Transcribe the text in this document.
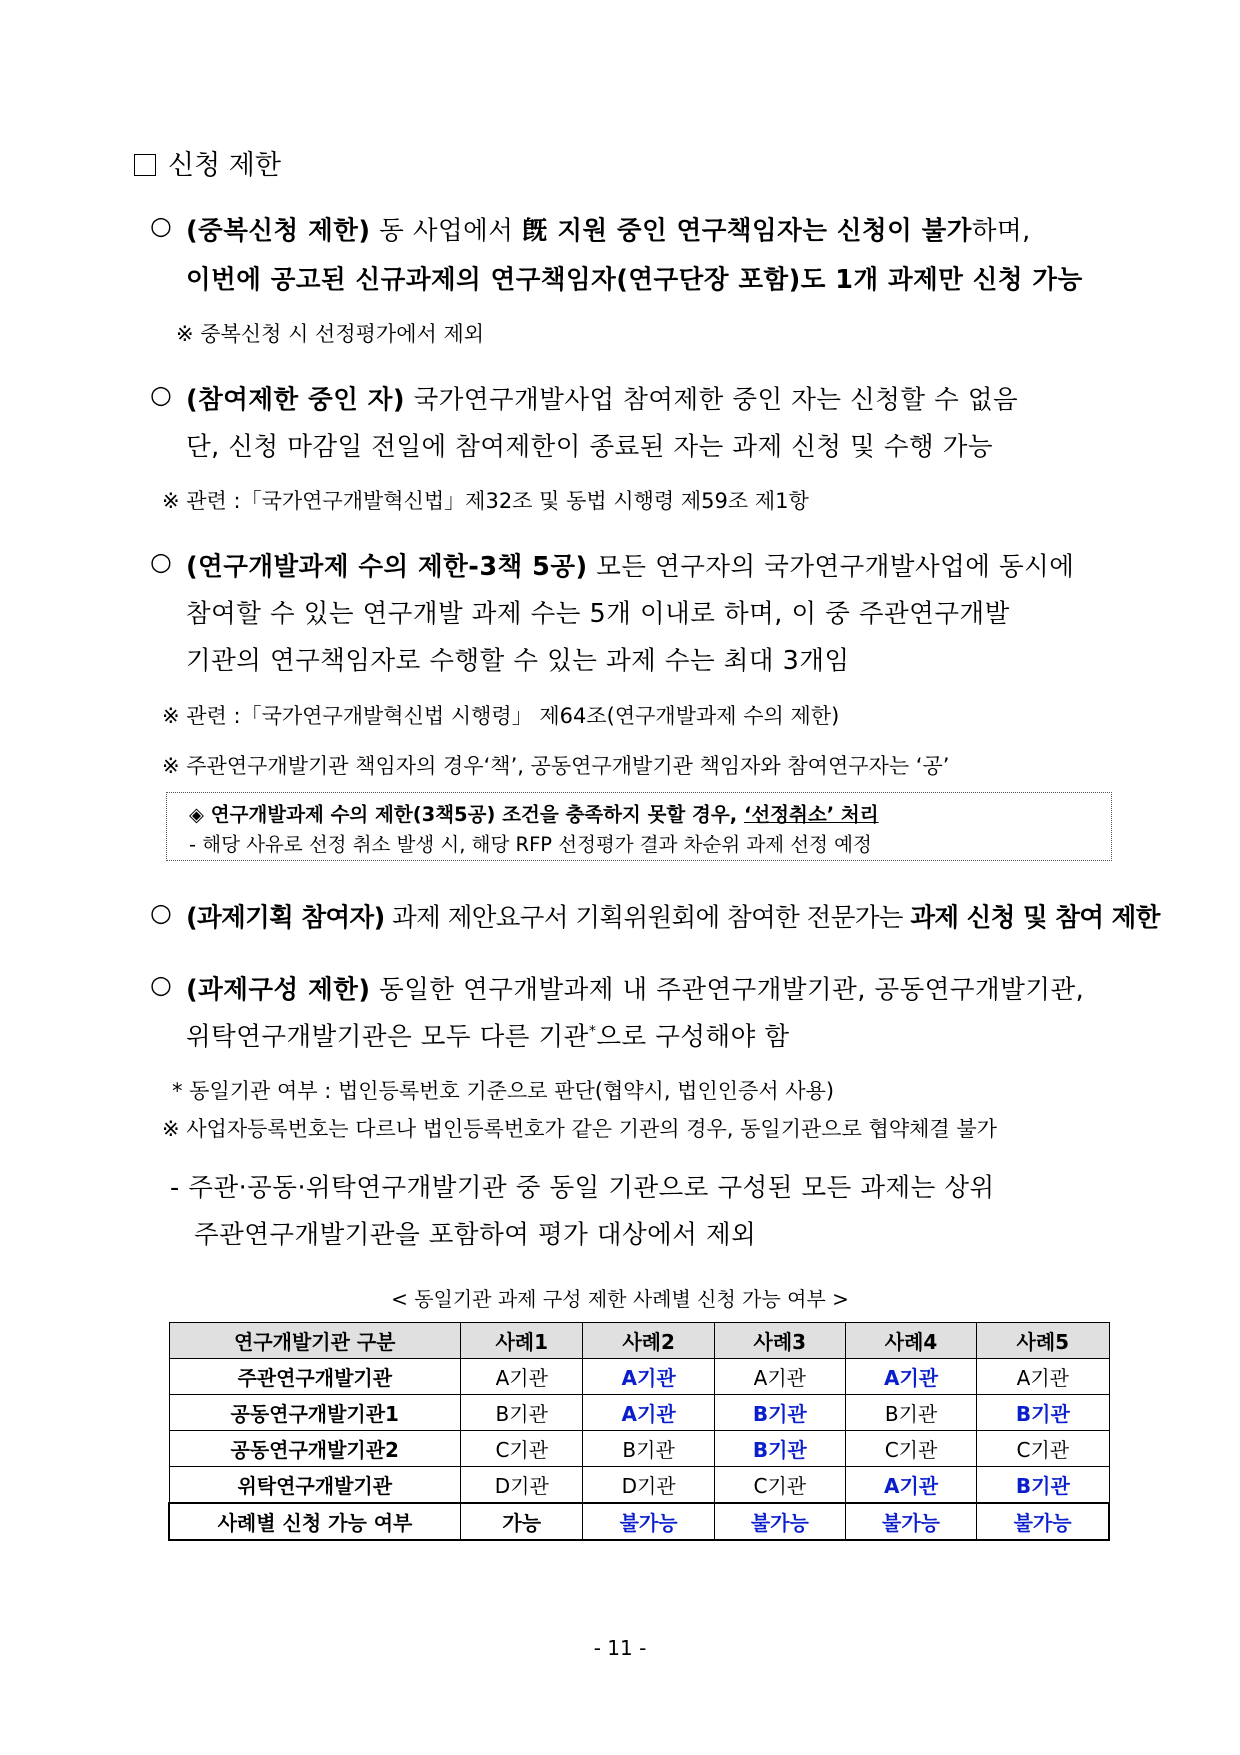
신청 제한
○ (중복신청 제한) 동 사업에서 旣 지원 중인 연구책임자는 신청이 불가하며,
이번에 공고된 신규과제의 연구책임자(연구단장 포함)도 1개 과제만 신청 가능
※ 중복신청 시 선정평가에서 제외
○ (참여제한 중인 자) 국가연구개발사업 참여제한 중인 자는 신청할 수 없음
단, 신청 마감일 전일에 참여제한이 종료된 자는 과제 신청 및 수행 가능
※ 관련 :「국가연구개발혁신법」제32조 및 동법 시행령 제59조 제1항
○ (연구개발과제 수의 제한-3책 5공) 모든 연구자의 국가연구개발사업에 동시에
참여할 수 있는 연구개발 과제 수는 5개 이내로 하며, 이 중 주관연구개발
기관의 연구책임자로 수행할 수 있는 과제 수는 최대 3개임
※ 관련 :「국가연구개발혁신법 시행령」 제64조(연구개발과제 수의 제한)
※ 주관연구개발기관 책임자의 경우‘책’, 공동연구개발기관 책임자와 참여연구자는 ‘공’
◈ 연구개발과제 수의 제한(3책5공) 조건을 충족하지 못할 경우, ‘선정취소’ 처리
- 해당 사유로 선정 취소 발생 시, 해당 RFP 선정평가 결과 차순위 과제 선정 예정
○ (과제기획 참여자) 과제 제안요구서 기획위원회에 참여한 전문가는 과제 신청 및 참여 제한
○ (과제구성 제한) 동일한 연구개발과제 내 주관연구개발기관, 공동연구개발기관,
위탁연구개발기관은 모두 다른 기관*으로 구성해야 함
* 동일기관 여부 : 법인등록번호 기준으로 판단(협약시, 법인인증서 사용)
※ 사업자등록번호는 다르나 법인등록번호가 같은 기관의 경우, 동일기관으로 협약체결 불가
- 주관·공동·위탁연구개발기관 중 동일 기관으로 구성된 모든 과제는 상위
주관연구개발기관을 포함하여 평가 대상에서 제외
< 동일기관 과제 구성 제한 사례별 신청 가능 여부 >
연구개발기관 구분	사례1	사례2	사례3	사례4	사례5
주관연구개발기관	A기관	A기관	A기관	A기관	A기관
공동연구개발기관1	B기관	A기관	B기관	B기관	B기관
공동연구개발기관2	C기관	B기관	B기관	C기관	C기관
위탁연구개발기관	D기관	D기관	C기관	A기관	B기관
사례별 신청 가능 여부	가능	불가능	불가능	불가능	불가능
- 11 -
